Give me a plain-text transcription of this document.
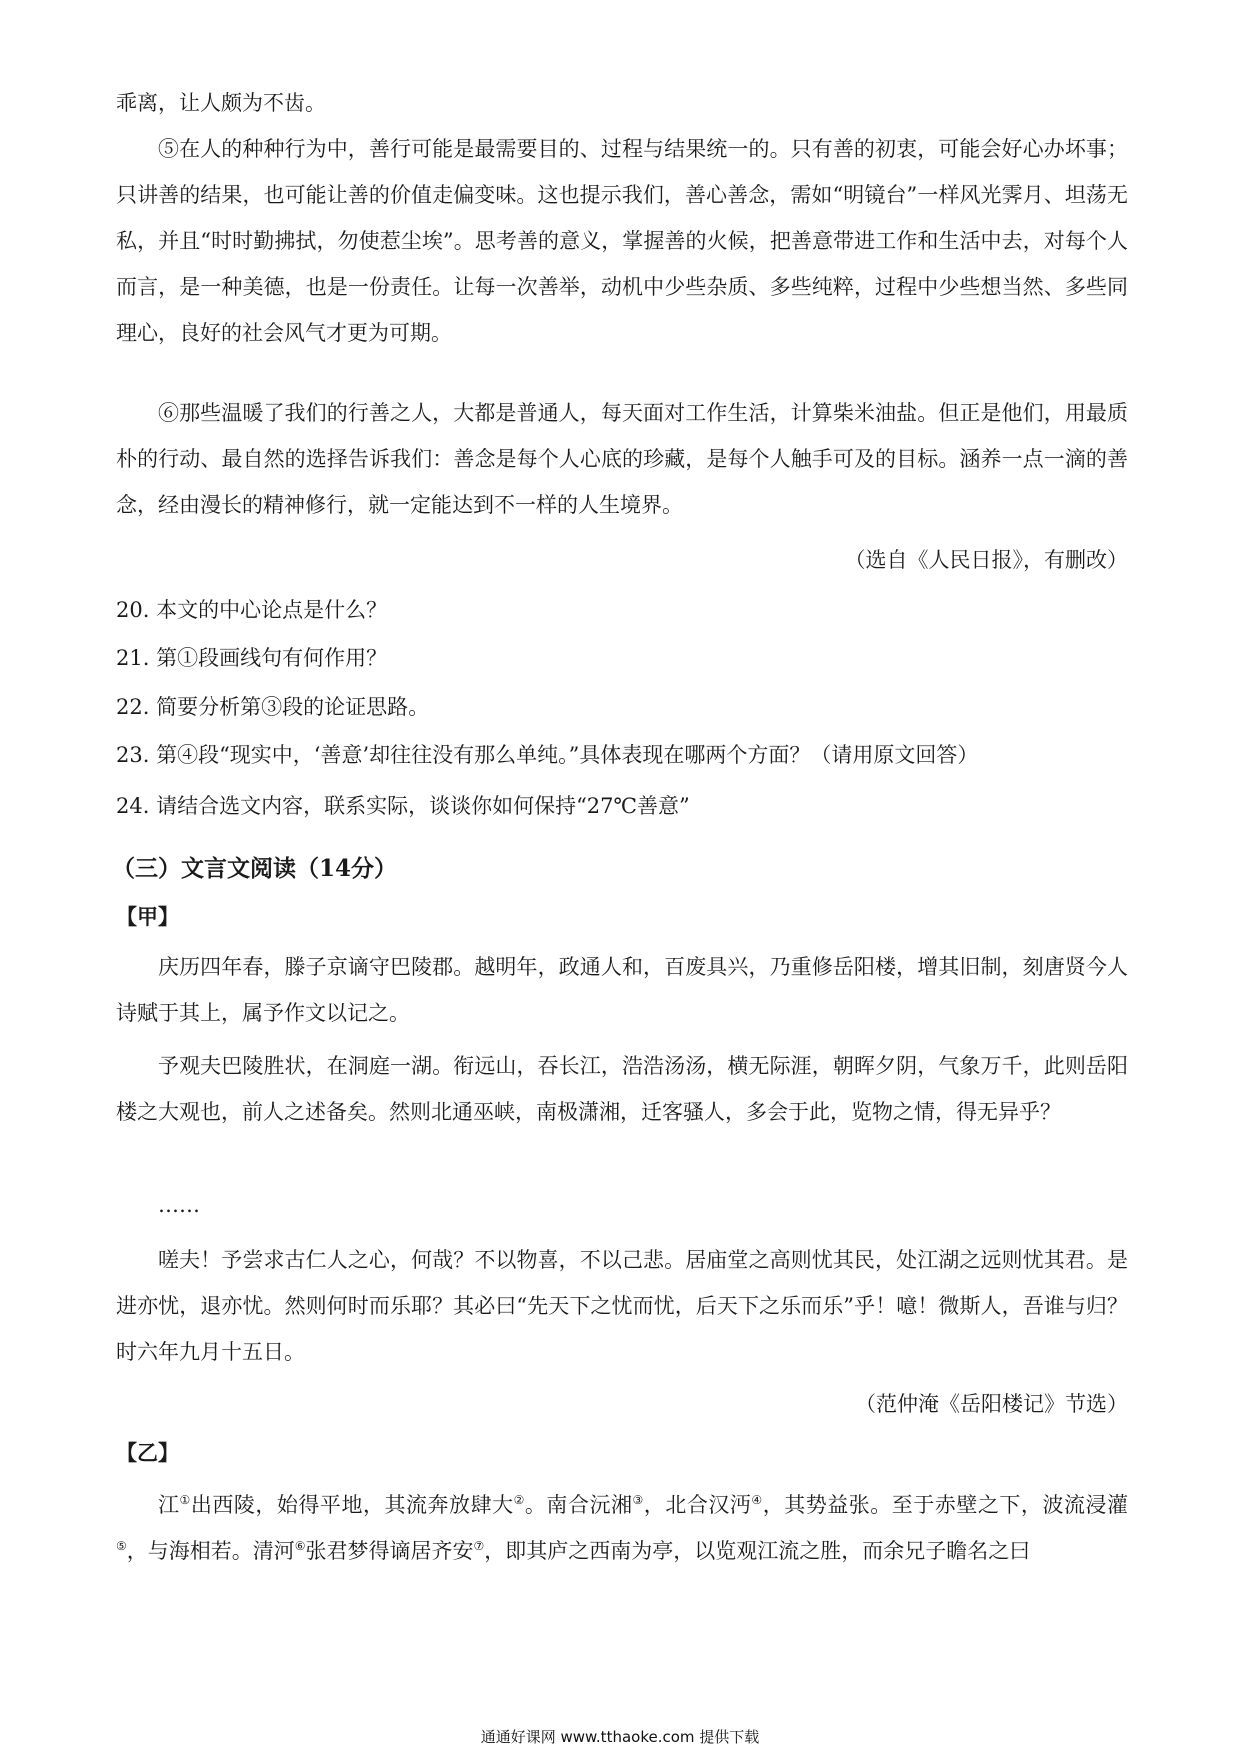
乖离，让人颇为不齿。

⑤在人的种种行为中，善行可能是最需要目的、过程与结果统一的。只有善的初衷，可能会好心办坏事；只讲善的结果，也可能让善的价值走偏变味。这也提示我们，善心善念，需如“明镜台”一样风光霁月、坦荡无私，并且“时时勤拂拭，勿使惹尘埃”。思考善的意义，掌握善的火候，把善意带进工作和生活中去，对每个人而言，是一种美德，也是一份责任。让每一次善举，动机中少些杂质、多些纯粹，过程中少些想当然、多些同理心，良好的社会风气才更为可期。

⑥那些温暖了我们的行善之人，大都是普通人，每天面对工作生活，计算柴米油盐。但正是他们，用最质朴的行动、最自然的选择告诉我们：善念是每个人心底的珍藏，是每个人触手可及的目标。涵养一点一滴的善念，经由漫长的精神修行，就一定能达到不一样的人生境界。

（选自《人民日报》，有删改）

20. 本文的中心论点是什么？

21. 第①段画线句有何作用？

22. 简要分析第③段的论证思路。

23. 第④段“现实中，‘善意’却往往没有那么单纯。”具体表现在哪两个方面？（请用原文回答）

24. 请结合选文内容，联系实际，谈谈你如何保持“27℃善意”

（三）文言文阅读（14分）

【甲】

庆历四年春，滕子京谪守巴陵郡。越明年，政通人和，百废具兴，乃重修岳阳楼，增其旧制，刻唐贤今人诗赋于其上，属予作文以记之。

予观夫巴陵胜状，在洞庭一湖。衔远山，吞长江，浩浩汤汤，横无际涯，朝晖夕阴，气象万千，此则岳阳楼之大观也，前人之述备矣。然则北通巫峡，南极潇湘，迁客骚人，多会于此，览物之情，得无异乎？

……

嗟夫！予尝求古仁人之心，何哉？不以物喜，不以己悲。居庙堂之高则忧其民，处江湖之远则忧其君。是进亦忧，退亦忧。然则何时而乐耶？其必曰“先天下之忧而忧，后天下之乐而乐”乎！噫！微斯人，吾谁与归？时六年九月十五日。

（范仲淹《岳阳楼记》节选）

【乙】

江①出西陵，始得平地，其流奔放肆大②。南合沅湘③，北合汉沔④，其势益张。至于赤壁之下，波流浸灌⑤，与海相若。清河⑥张君梦得谪居齐安⑦，即其庐之西南为亭，以览观江流之胜，而余兄子瞻名之曰

通通好课网 www.tthaoke.com 提供下载
